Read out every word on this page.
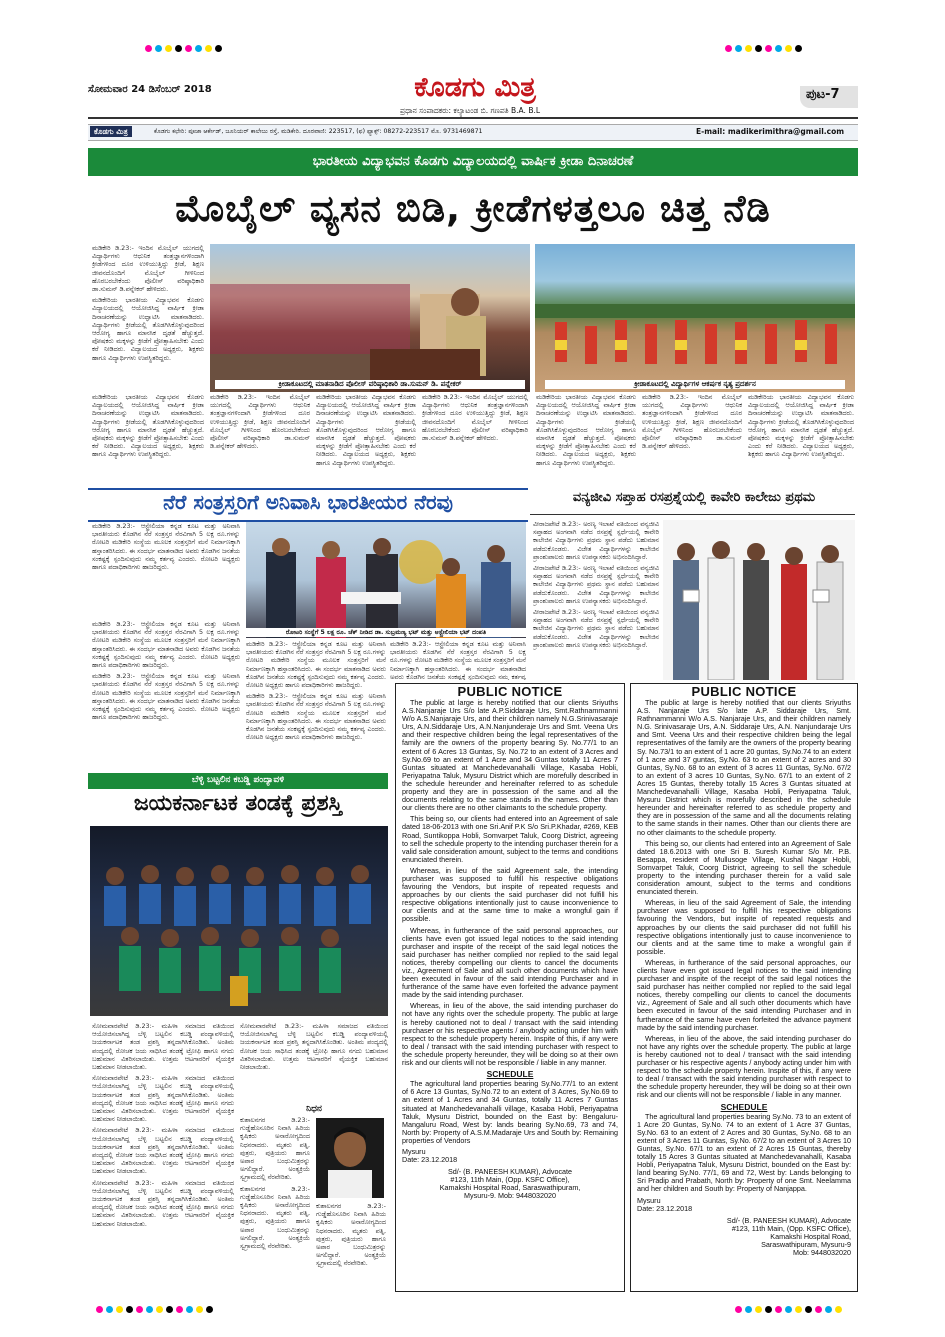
ಸೋಮವಾರ 24 ಡಿಸೆಂಬರ್ 2018	ಕೊಡಗು ಮಿತ್ರ
ಪ್ರಧಾನ ಸಂಪಾದಕರು: ಕಲ್ಯಾಟಂಡ ಬಿ. ಗಣಪತಿ B.A. B.L
ಪುಟ-7
ಕೊಡಗು ಮಿತ್ರ	ಕೊಡಗು ಕಛೇರಿ: ಪೂಜಾ ಆರ್ಕೇಡ್, ಜೂನಿಯರ್ ಕಾಲೇಜು ರಸ್ತೆ, ಮಡಿಕೇರಿ. ದೂರವಾಣಿ: 223517, (ಫ) ಫ್ಯಾಕ್ಸ್: 08272-223517 ಮೊ. 9731469871	E-mail: madikerimithra@gmail.com
ಭಾರತೀಯ ವಿದ್ಯಾಭವನ ಕೊಡಗು ವಿದ್ಯಾಲಯದಲ್ಲಿ ವಾರ್ಷಿಕ ಕ್ರೀಡಾ ದಿನಾಚರಣೆ
ಮೊಬೈಲ್ ವ್ಯಸನ ಬಿಡಿ, ಕ್ರೀಡೆಗಳತ್ತಲೂ ಚಿತ್ತ ನೆಡಿ

ಮಡಿಕೇರಿ ಡಿ.23:- ಇಂದಿನ ಮೊಬೈಲ್ ಯುಗದಲ್ಲಿ ವಿದ್ಯಾರ್ಥಿಗಳು ಆಧುನಿಕ ತಂತ್ರಜ್ಞಾನಗಳಿಂದಾಗಿ ಕ್ರೀಡೆಗಳಿಂದ ದೂರ ಉಳಿಯುತ್ತಿದ್ದು ಕ್ರೀಡೆ, ಶಿಕ್ಷಣ ಜೀವನದೊಂದಿಗೆ ಮೊಬೈಲ್ ಗೀಳಿನಿಂದ ಹೊರಬರಬೇಕೆಂದು ಪೊಲೀಸ್ ವರಿಷ್ಠಾಧಿಕಾರಿ ಡಾ.ಸುಮನ್ ಡಿ.ಪನ್ನೇಕರ್ ಹೇಳಿದರು.

ಮಡಿಕೇರಿಯ ಭಾರತೀಯ ವಿದ್ಯಾಭವನ ಕೊಡಗು ವಿದ್ಯಾಲಯದಲ್ಲಿ ಆಯೋಜಿಸಿದ್ದ ವಾರ್ಷಿಕ ಕ್ರೀಡಾ ದಿನಾಚರಣೆಯನ್ನು ಉದ್ಘಾಟಿಸಿ ಮಾತನಾಡಿದರು. ವಿದ್ಯಾರ್ಥಿಗಳು ಕ್ರೀಡೆಯಲ್ಲಿ ತೊಡಗಿಸಿಕೊಳ್ಳುವುದರಿಂದ ಆರೋಗ್ಯ ಹಾಗೂ ಮಾನಸಿಕ ದೃಢತೆ ಹೆಚ್ಚುತ್ತದೆ. ಪೋಷಕರು ಮಕ್ಕಳನ್ನು ಕ್ರೀಡೆಗೆ ಪ್ರೋತ್ಸಾಹಿಸಬೇಕು ಎಂದು ಕರೆ ನೀಡಿದರು. ವಿದ್ಯಾಲಯದ ಅಧ್ಯಕ್ಷರು, ಶಿಕ್ಷಕರು ಹಾಗೂ ವಿದ್ಯಾರ್ಥಿಗಳು ಉಪಸ್ಥಿತರಿದ್ದರು.

ಕ್ರೀಡಾಕೂಟದಲ್ಲಿ ಮಾತನಾಡಿದ ಪೊಲೀಸ್ ವರಿಷ್ಠಾಧಿಕಾರಿ ಡಾ.ಸುಮನ್ ಡಿ. ಪನ್ನೇಕರ್	ಕ್ರೀಡಾಕೂಟದಲ್ಲಿ ವಿದ್ಯಾರ್ಥಿಗಳ ಆಕರ್ಷಕ ನೃತ್ಯ ಪ್ರದರ್ಶನ

ಮಡಿಕೇರಿಯ ಭಾರತೀಯ ವಿದ್ಯಾಭವನ ಕೊಡಗು ವಿದ್ಯಾಲಯದಲ್ಲಿ ಆಯೋಜಿಸಿದ್ದ ವಾರ್ಷಿಕ ಕ್ರೀಡಾ ದಿನಾಚರಣೆಯನ್ನು ಉದ್ಘಾಟಿಸಿ ಮಾತನಾಡಿದರು. ವಿದ್ಯಾರ್ಥಿಗಳು ಕ್ರೀಡೆಯಲ್ಲಿ ತೊಡಗಿಸಿಕೊಳ್ಳುವುದರಿಂದ ಆರೋಗ್ಯ ಹಾಗೂ ಮಾನಸಿಕ ದೃಢತೆ ಹೆಚ್ಚುತ್ತದೆ. ಪೋಷಕರು ಮಕ್ಕಳನ್ನು ಕ್ರೀಡೆಗೆ ಪ್ರೋತ್ಸಾಹಿಸಬೇಕು ಎಂದು ಕರೆ ನೀಡಿದರು. ವಿದ್ಯಾಲಯದ ಅಧ್ಯಕ್ಷರು, ಶಿಕ್ಷಕರು ಹಾಗೂ ವಿದ್ಯಾರ್ಥಿಗಳು ಉಪಸ್ಥಿತರಿದ್ದರು.

ಮಡಿಕೇರಿ ಡಿ.23:- ಇಂದಿನ ಮೊಬೈಲ್ ಯುಗದಲ್ಲಿ ವಿದ್ಯಾರ್ಥಿಗಳು ಆಧುನಿಕ ತಂತ್ರಜ್ಞಾನಗಳಿಂದಾಗಿ ಕ್ರೀಡೆಗಳಿಂದ ದೂರ ಉಳಿಯುತ್ತಿದ್ದು ಕ್ರೀಡೆ, ಶಿಕ್ಷಣ ಜೀವನದೊಂದಿಗೆ ಮೊಬೈಲ್ ಗೀಳಿನಿಂದ ಹೊರಬರಬೇಕೆಂದು ಪೊಲೀಸ್ ವರಿಷ್ಠಾಧಿಕಾರಿ ಡಾ.ಸುಮನ್ ಡಿ.ಪನ್ನೇಕರ್ ಹೇಳಿದರು.

ಮಡಿಕೇರಿಯ ಭಾರತೀಯ ವಿದ್ಯಾಭವನ ಕೊಡಗು ವಿದ್ಯಾಲಯದಲ್ಲಿ ಆಯೋಜಿಸಿದ್ದ ವಾರ್ಷಿಕ ಕ್ರೀಡಾ ದಿನಾಚರಣೆಯನ್ನು ಉದ್ಘಾಟಿಸಿ ಮಾತನಾಡಿದರು. ವಿದ್ಯಾರ್ಥಿಗಳು ಕ್ರೀಡೆಯಲ್ಲಿ ತೊಡಗಿಸಿಕೊಳ್ಳುವುದರಿಂದ ಆರೋಗ್ಯ ಹಾಗೂ ಮಾನಸಿಕ ದೃಢತೆ ಹೆಚ್ಚುತ್ತದೆ. ಪೋಷಕರು ಮಕ್ಕಳನ್ನು ಕ್ರೀಡೆಗೆ ಪ್ರೋತ್ಸಾಹಿಸಬೇಕು ಎಂದು ಕರೆ ನೀಡಿದರು. ವಿದ್ಯಾಲಯದ ಅಧ್ಯಕ್ಷರು, ಶಿಕ್ಷಕರು ಹಾಗೂ ವಿದ್ಯಾರ್ಥಿಗಳು ಉಪಸ್ಥಿತರಿದ್ದರು.

ಮಡಿಕೇರಿ ಡಿ.23:- ಇಂದಿನ ಮೊಬೈಲ್ ಯುಗದಲ್ಲಿ ವಿದ್ಯಾರ್ಥಿಗಳು ಆಧುನಿಕ ತಂತ್ರಜ್ಞಾನಗಳಿಂದಾಗಿ ಕ್ರೀಡೆಗಳಿಂದ ದೂರ ಉಳಿಯುತ್ತಿದ್ದು ಕ್ರೀಡೆ, ಶಿಕ್ಷಣ ಜೀವನದೊಂದಿಗೆ ಮೊಬೈಲ್ ಗೀಳಿನಿಂದ ಹೊರಬರಬೇಕೆಂದು ಪೊಲೀಸ್ ವರಿಷ್ಠಾಧಿಕಾರಿ ಡಾ.ಸುಮನ್ ಡಿ.ಪನ್ನೇಕರ್ ಹೇಳಿದರು.

ಮಡಿಕೇರಿಯ ಭಾರತೀಯ ವಿದ್ಯಾಭವನ ಕೊಡಗು ವಿದ್ಯಾಲಯದಲ್ಲಿ ಆಯೋಜಿಸಿದ್ದ ವಾರ್ಷಿಕ ಕ್ರೀಡಾ ದಿನಾಚರಣೆಯನ್ನು ಉದ್ಘಾಟಿಸಿ ಮಾತನಾಡಿದರು. ವಿದ್ಯಾರ್ಥಿಗಳು ಕ್ರೀಡೆಯಲ್ಲಿ ತೊಡಗಿಸಿಕೊಳ್ಳುವುದರಿಂದ ಆರೋಗ್ಯ ಹಾಗೂ ಮಾನಸಿಕ ದೃಢತೆ ಹೆಚ್ಚುತ್ತದೆ. ಪೋಷಕರು ಮಕ್ಕಳನ್ನು ಕ್ರೀಡೆಗೆ ಪ್ರೋತ್ಸಾಹಿಸಬೇಕು ಎಂದು ಕರೆ ನೀಡಿದರು. ವಿದ್ಯಾಲಯದ ಅಧ್ಯಕ್ಷರು, ಶಿಕ್ಷಕರು ಹಾಗೂ ವಿದ್ಯಾರ್ಥಿಗಳು ಉಪಸ್ಥಿತರಿದ್ದರು.

ಮಡಿಕೇರಿ ಡಿ.23:- ಇಂದಿನ ಮೊಬೈಲ್ ಯುಗದಲ್ಲಿ ವಿದ್ಯಾರ್ಥಿಗಳು ಆಧುನಿಕ ತಂತ್ರಜ್ಞಾನಗಳಿಂದಾಗಿ ಕ್ರೀಡೆಗಳಿಂದ ದೂರ ಉಳಿಯುತ್ತಿದ್ದು ಕ್ರೀಡೆ, ಶಿಕ್ಷಣ ಜೀವನದೊಂದಿಗೆ ಮೊಬೈಲ್ ಗೀಳಿನಿಂದ ಹೊರಬರಬೇಕೆಂದು ಪೊಲೀಸ್ ವರಿಷ್ಠಾಧಿಕಾರಿ ಡಾ.ಸುಮನ್ ಡಿ.ಪನ್ನೇಕರ್ ಹೇಳಿದರು.

ಮಡಿಕೇರಿಯ ಭಾರತೀಯ ವಿದ್ಯಾಭವನ ಕೊಡಗು ವಿದ್ಯಾಲಯದಲ್ಲಿ ಆಯೋಜಿಸಿದ್ದ ವಾರ್ಷಿಕ ಕ್ರೀಡಾ ದಿನಾಚರಣೆಯನ್ನು ಉದ್ಘಾಟಿಸಿ ಮಾತನಾಡಿದರು. ವಿದ್ಯಾರ್ಥಿಗಳು ಕ್ರೀಡೆಯಲ್ಲಿ ತೊಡಗಿಸಿಕೊಳ್ಳುವುದರಿಂದ ಆರೋಗ್ಯ ಹಾಗೂ ಮಾನಸಿಕ ದೃಢತೆ ಹೆಚ್ಚುತ್ತದೆ. ಪೋಷಕರು ಮಕ್ಕಳನ್ನು ಕ್ರೀಡೆಗೆ ಪ್ರೋತ್ಸಾಹಿಸಬೇಕು ಎಂದು ಕರೆ ನೀಡಿದರು. ವಿದ್ಯಾಲಯದ ಅಧ್ಯಕ್ಷರು, ಶಿಕ್ಷಕರು ಹಾಗೂ ವಿದ್ಯಾರ್ಥಿಗಳು ಉಪಸ್ಥಿತರಿದ್ದರು.

ನೆರೆ ಸಂತ್ರಸ್ತರಿಗೆ ಅನಿವಾಸಿ ಭಾರತೀಯರ ನೆರವು

ಮಡಿಕೇರಿ ಡಿ.23:- ಆಸ್ಟ್ರೇಲಿಯಾ ಕನ್ನಡ ಕೂಟ ಮತ್ತು ಅನಿವಾಸಿ ಭಾರತೀಯರು ಕೊಡಗಿನ ನೆರೆ ಸಂತ್ರಸ್ತರ ನೆರವಿಗಾಗಿ 5 ಲಕ್ಷ ರೂ.ಗಳನ್ನು ರೋಟರಿ ಮಡಿಕೇರಿ ಸಂಸ್ಥೆಯ ಮೂಲಕ ಸಂತ್ರಸ್ತರಿಗೆ ಮನೆ ನಿರ್ಮಾಣಕ್ಕಾಗಿ ಹಸ್ತಾಂತರಿಸಿದರು. ಈ ಸಂದರ್ಭ ಮಾತನಾಡಿದ ಅವರು ಕೊಡಗಿನ ಜನತೆಯ ಸಂಕಷ್ಟಕ್ಕೆ ಸ್ಪಂದಿಸುವುದು ನಮ್ಮ ಕರ್ತವ್ಯ ಎಂದರು. ರೋಟರಿ ಅಧ್ಯಕ್ಷರು ಹಾಗೂ ಪದಾಧಿಕಾರಿಗಳು ಹಾಜರಿದ್ದರು.

ರೋಟರಿ ಸಂಸ್ಥೆಗೆ 5 ಲಕ್ಷ ರೂ. ಚೆಕ್ ನೀಡಿದ ಡಾ. ಸುಬ್ರಮಣ್ಯ ಭಟ್ ಮತ್ತು ಆಸ್ಟ್ರೇಲಿಯಾ ಭಟ್ ದಂಪತಿ

ಮಡಿಕೇರಿ ಡಿ.23:- ಆಸ್ಟ್ರೇಲಿಯಾ ಕನ್ನಡ ಕೂಟ ಮತ್ತು ಅನಿವಾಸಿ ಭಾರತೀಯರು ಕೊಡಗಿನ ನೆರೆ ಸಂತ್ರಸ್ತರ ನೆರವಿಗಾಗಿ 5 ಲಕ್ಷ ರೂ.ಗಳನ್ನು ರೋಟರಿ ಮಡಿಕೇರಿ ಸಂಸ್ಥೆಯ ಮೂಲಕ ಸಂತ್ರಸ್ತರಿಗೆ ಮನೆ ನಿರ್ಮಾಣಕ್ಕಾಗಿ ಹಸ್ತಾಂತರಿಸಿದರು. ಈ ಸಂದರ್ಭ ಮಾತನಾಡಿದ ಅವರು ಕೊಡಗಿನ ಜನತೆಯ ಸಂಕಷ್ಟಕ್ಕೆ ಸ್ಪಂದಿಸುವುದು ನಮ್ಮ ಕರ್ತವ್ಯ ಎಂದರು. ರೋಟರಿ ಅಧ್ಯಕ್ಷರು ಹಾಗೂ ಪದಾಧಿಕಾರಿಗಳು ಹಾಜರಿದ್ದರು.

ಮಡಿಕೇರಿ ಡಿ.23:- ಆಸ್ಟ್ರೇಲಿಯಾ ಕನ್ನಡ ಕೂಟ ಮತ್ತು ಅನಿವಾಸಿ ಭಾರತೀಯರು ಕೊಡಗಿನ ನೆರೆ ಸಂತ್ರಸ್ತರ ನೆರವಿಗಾಗಿ 5 ಲಕ್ಷ ರೂ.ಗಳನ್ನು ರೋಟರಿ ಮಡಿಕೇರಿ ಸಂಸ್ಥೆಯ ಮೂಲಕ ಸಂತ್ರಸ್ತರಿಗೆ ಮನೆ ನಿರ್ಮಾಣಕ್ಕಾಗಿ ಹಸ್ತಾಂತರಿಸಿದರು. ಈ ಸಂದರ್ಭ ಮಾತನಾಡಿದ ಅವರು ಕೊಡಗಿನ ಜನತೆಯ ಸಂಕಷ್ಟಕ್ಕೆ ಸ್ಪಂದಿಸುವುದು ನಮ್ಮ ಕರ್ತವ್ಯ ಎಂದರು. ರೋಟರಿ ಅಧ್ಯಕ್ಷರು ಹಾಗೂ ಪದಾಧಿಕಾರಿಗಳು ಹಾಜರಿದ್ದರು.

ಮಡಿಕೇರಿ ಡಿ.23:- ಆಸ್ಟ್ರೇಲಿಯಾ ಕನ್ನಡ ಕೂಟ ಮತ್ತು ಅನಿವಾಸಿ ಭಾರತೀಯರು ಕೊಡಗಿನ ನೆರೆ ಸಂತ್ರಸ್ತರ ನೆರವಿಗಾಗಿ 5 ಲಕ್ಷ ರೂ.ಗಳನ್ನು ರೋಟರಿ ಮಡಿಕೇರಿ ಸಂಸ್ಥೆಯ ಮೂಲಕ ಸಂತ್ರಸ್ತರಿಗೆ ಮನೆ ನಿರ್ಮಾಣಕ್ಕಾಗಿ ಹಸ್ತಾಂತರಿಸಿದರು. ಈ ಸಂದರ್ಭ ಮಾತನಾಡಿದ ಅವರು ಕೊಡಗಿನ ಜನತೆಯ ಸಂಕಷ್ಟಕ್ಕೆ ಸ್ಪಂದಿಸುವುದು ನಮ್ಮ ಕರ್ತವ್ಯ ಎಂದರು. ರೋಟರಿ ಅಧ್ಯಕ್ಷರು ಹಾಗೂ ಪದಾಧಿಕಾರಿಗಳು ಹಾಜರಿದ್ದರು.

ಮಡಿಕೇರಿ ಡಿ.23:- ಆಸ್ಟ್ರೇಲಿಯಾ ಕನ್ನಡ ಕೂಟ ಮತ್ತು ಅನಿವಾಸಿ ಭಾರತೀಯರು ಕೊಡಗಿನ ನೆರೆ ಸಂತ್ರಸ್ತರ ನೆರವಿಗಾಗಿ 5 ಲಕ್ಷ ರೂ.ಗಳನ್ನು ರೋಟರಿ ಮಡಿಕೇರಿ ಸಂಸ್ಥೆಯ ಮೂಲಕ ಸಂತ್ರಸ್ತರಿಗೆ ಮನೆ ನಿರ್ಮಾಣಕ್ಕಾಗಿ ಹಸ್ತಾಂತರಿಸಿದರು. ಈ ಸಂದರ್ಭ ಮಾತನಾಡಿದ ಅವರು ಕೊಡಗಿನ ಜನತೆಯ ಸಂಕಷ್ಟಕ್ಕೆ ಸ್ಪಂದಿಸುವುದು ನಮ್ಮ ಕರ್ತವ್ಯ ಎಂದರು. ರೋಟರಿ ಅಧ್ಯಕ್ಷರು ಹಾಗೂ ಪದಾಧಿಕಾರಿಗಳು ಹಾಜರಿದ್ದರು.

ಮಡಿಕೇರಿ ಡಿ.23:- ಆಸ್ಟ್ರೇಲಿಯಾ ಕನ್ನಡ ಕೂಟ ಮತ್ತು ಅನಿವಾಸಿ ಭಾರತೀಯರು ಕೊಡಗಿನ ನೆರೆ ಸಂತ್ರಸ್ತರ ನೆರವಿಗಾಗಿ 5 ಲಕ್ಷ ರೂ.ಗಳನ್ನು ರೋಟರಿ ಮಡಿಕೇರಿ ಸಂಸ್ಥೆಯ ಮೂಲಕ ಸಂತ್ರಸ್ತರಿಗೆ ಮನೆ ನಿರ್ಮಾಣಕ್ಕಾಗಿ ಹಸ್ತಾಂತರಿಸಿದರು. ಈ ಸಂದರ್ಭ ಮಾತನಾಡಿದ ಅವರು ಕೊಡಗಿನ ಜನತೆಯ ಸಂಕಷ್ಟಕ್ಕೆ ಸ್ಪಂದಿಸುವುದು ನಮ್ಮ ಕರ್ತವ್ಯ

ವನ್ಯಜೀವಿ ಸಪ್ತಾಹ ರಸಪ್ರಶ್ನೆಯಲ್ಲಿ ಕಾವೇರಿ ಕಾಲೇಜು ಪ್ರಥಮ

ವೀರಾಜಪೇಟೆ ಡಿ.23:- ಅರಣ್ಯ ಇಲಾಖೆ ವತಿಯಿಂದ ವನ್ಯಜೀವಿ ಸಪ್ತಾಹದ ಅಂಗವಾಗಿ ನಡೆದ ರಸಪ್ರಶ್ನೆ ಸ್ಪರ್ಧೆಯಲ್ಲಿ ಕಾವೇರಿ ಕಾಲೇಜಿನ ವಿದ್ಯಾರ್ಥಿಗಳು ಪ್ರಥಮ ಸ್ಥಾನ ಪಡೆದು ಬಹುಮಾನ ಪಡೆದುಕೊಂಡರು. ವಿಜೇತ ವಿದ್ಯಾರ್ಥಿಗಳನ್ನು ಕಾಲೇಜಿನ ಪ್ರಾಂಶುಪಾಲರು ಹಾಗೂ ಉಪನ್ಯಾಸಕರು ಅಭಿನಂದಿಸಿದ್ದಾರೆ.

ವೀರಾಜಪೇಟೆ ಡಿ.23:- ಅರಣ್ಯ ಇಲಾಖೆ ವತಿಯಿಂದ ವನ್ಯಜೀವಿ ಸಪ್ತಾಹದ ಅಂಗವಾಗಿ ನಡೆದ ರಸಪ್ರಶ್ನೆ ಸ್ಪರ್ಧೆಯಲ್ಲಿ ಕಾವೇರಿ ಕಾಲೇಜಿನ ವಿದ್ಯಾರ್ಥಿಗಳು ಪ್ರಥಮ ಸ್ಥಾನ ಪಡೆದು ಬಹುಮಾನ ಪಡೆದುಕೊಂಡರು. ವಿಜೇತ ವಿದ್ಯಾರ್ಥಿಗಳನ್ನು ಕಾಲೇಜಿನ ಪ್ರಾಂಶುಪಾಲರು ಹಾಗೂ ಉಪನ್ಯಾಸಕರು ಅಭಿನಂದಿಸಿದ್ದಾರೆ.

ವೀರಾಜಪೇಟೆ ಡಿ.23:- ಅರಣ್ಯ ಇಲಾಖೆ ವತಿಯಿಂದ ವನ್ಯಜೀವಿ ಸಪ್ತಾಹದ ಅಂಗವಾಗಿ ನಡೆದ ರಸಪ್ರಶ್ನೆ ಸ್ಪರ್ಧೆಯಲ್ಲಿ ಕಾವೇರಿ ಕಾಲೇಜಿನ ವಿದ್ಯಾರ್ಥಿಗಳು ಪ್ರಥಮ ಸ್ಥಾನ ಪಡೆದು ಬಹುಮಾನ ಪಡೆದುಕೊಂಡರು. ವಿಜೇತ ವಿದ್ಯಾರ್ಥಿಗಳನ್ನು ಕಾಲೇಜಿನ ಪ್ರಾಂಶುಪಾಲರು ಹಾಗೂ ಉಪನ್ಯಾಸಕರು ಅಭಿನಂದಿಸಿದ್ದಾರೆ.

ಬೆಳ್ಳಿ ಬಟ್ಟಲಿನ ಕಬಡ್ಡಿ ಪಂದ್ಯಾವಳಿ
ಜಯಕರ್ನಾಟಕ ತಂಡಕ್ಕೆ ಪ್ರಶಸ್ತಿ

ಸೋಮವಾರಪೇಟೆ ಡಿ.23:- ಮಹಿಳಾ ಸಮಾಜದ ವತಿಯಿಂದ ಆಯೋಜಿಸಲಾಗಿದ್ದ ಬೆಳ್ಳಿ ಬಟ್ಟಲಿನ ಕಬಡ್ಡಿ ಪಂದ್ಯಾವಳಿಯಲ್ಲಿ ಜಯಕರ್ನಾಟಕ ತಂಡ ಪ್ರಶಸ್ತಿ ತನ್ನದಾಗಿಸಿಕೊಂಡಿತು. ಅಂತಿಮ ಪಂದ್ಯದಲ್ಲಿ ರೋಚಕ ಜಯ ಸಾಧಿಸಿದ ತಂಡಕ್ಕೆ ಟ್ರೋಫಿ ಹಾಗೂ ನಗದು ಬಹುಮಾನ ವಿತರಿಸಲಾಯಿತು. ಉತ್ತಮ ಆಟಗಾರರಿಗೆ ವೈಯಕ್ತಿಕ ಬಹುಮಾನ ನೀಡಲಾಯಿತು.

ಸೋಮವಾರಪೇಟೆ ಡಿ.23:- ಮಹಿಳಾ ಸಮಾಜದ ವತಿಯಿಂದ ಆಯೋಜಿಸಲಾಗಿದ್ದ ಬೆಳ್ಳಿ ಬಟ್ಟಲಿನ ಕಬಡ್ಡಿ ಪಂದ್ಯಾವಳಿಯಲ್ಲಿ ಜಯಕರ್ನಾಟಕ ತಂಡ ಪ್ರಶಸ್ತಿ ತನ್ನದಾಗಿಸಿಕೊಂಡಿತು. ಅಂತಿಮ ಪಂದ್ಯದಲ್ಲಿ ರೋಚಕ ಜಯ ಸಾಧಿಸಿದ ತಂಡಕ್ಕೆ ಟ್ರೋಫಿ ಹಾಗೂ ನಗದು ಬಹುಮಾನ ವಿತರಿಸಲಾಯಿತು. ಉತ್ತಮ ಆಟಗಾರರಿಗೆ ವೈಯಕ್ತಿಕ ಬಹುಮಾನ ನೀಡಲಾಯಿತು.

ಸೋಮವಾರಪೇಟೆ ಡಿ.23:- ಮಹಿಳಾ ಸಮಾಜದ ವತಿಯಿಂದ ಆಯೋಜಿಸಲಾಗಿದ್ದ ಬೆಳ್ಳಿ ಬಟ್ಟಲಿನ ಕಬಡ್ಡಿ ಪಂದ್ಯಾವಳಿಯಲ್ಲಿ ಜಯಕರ್ನಾಟಕ ತಂಡ ಪ್ರಶಸ್ತಿ ತನ್ನದಾಗಿಸಿಕೊಂಡಿತು. ಅಂತಿಮ ಪಂದ್ಯದಲ್ಲಿ ರೋಚಕ ಜಯ ಸಾಧಿಸಿದ ತಂಡಕ್ಕೆ ಟ್ರೋಫಿ ಹಾಗೂ ನಗದು ಬಹುಮಾನ ವಿತರಿಸಲಾಯಿತು. ಉತ್ತಮ ಆಟಗಾರರಿಗೆ ವೈಯಕ್ತಿಕ ಬಹುಮಾನ ನೀಡಲಾಯಿತು.

ಸೋಮವಾರಪೇಟೆ ಡಿ.23:- ಮಹಿಳಾ ಸಮಾಜದ ವತಿಯಿಂದ ಆಯೋಜಿಸಲಾಗಿದ್ದ ಬೆಳ್ಳಿ ಬಟ್ಟಲಿನ ಕಬಡ್ಡಿ ಪಂದ್ಯಾವಳಿಯಲ್ಲಿ ಜಯಕರ್ನಾಟಕ ತಂಡ ಪ್ರಶಸ್ತಿ ತನ್ನದಾಗಿಸಿಕೊಂಡಿತು. ಅಂತಿಮ ಪಂದ್ಯದಲ್ಲಿ ರೋಚಕ ಜಯ ಸಾಧಿಸಿದ ತಂಡಕ್ಕೆ ಟ್ರೋಫಿ ಹಾಗೂ ನಗದು ಬಹುಮಾನ ವಿತರಿಸಲಾಯಿತು. ಉತ್ತಮ ಆಟಗಾರರಿಗೆ ವೈಯಕ್ತಿಕ ಬಹುಮಾನ ನೀಡಲಾಯಿತು.

ಸೋಮವಾರಪೇಟೆ ಡಿ.23:- ಮಹಿಳಾ ಸಮಾಜದ ವತಿಯಿಂದ ಆಯೋಜಿಸಲಾಗಿದ್ದ ಬೆಳ್ಳಿ ಬಟ್ಟಲಿನ ಕಬಡ್ಡಿ ಪಂದ್ಯಾವಳಿಯಲ್ಲಿ ಜಯಕರ್ನಾಟಕ ತಂಡ ಪ್ರಶಸ್ತಿ ತನ್ನದಾಗಿಸಿಕೊಂಡಿತು. ಅಂತಿಮ ಪಂದ್ಯದಲ್ಲಿ ರೋಚಕ ಜಯ ಸಾಧಿಸಿದ ತಂಡಕ್ಕೆ ಟ್ರೋಫಿ ಹಾಗೂ ನಗದು ಬಹುಮಾನ ವಿತರಿಸಲಾಯಿತು. ಉತ್ತಮ ಆಟಗಾರರಿಗೆ ವೈಯಕ್ತಿಕ ಬಹುಮಾನ ನೀಡಲಾಯಿತು.

ನಿಧನ

ಕುಶಾಲನಗರ ಡಿ.23:- ಗುಡ್ಡೆಹೊಸೂರಿನ ನಿವಾಸಿ ಹಿರಿಯ ಕೃಷಿಕರು ಅನಾರೋಗ್ಯದಿಂದ ನಿಧನರಾದರು. ಮೃತರು ಪತ್ನಿ, ಪುತ್ರರು, ಪುತ್ರಿಯರು ಹಾಗೂ ಅಪಾರ ಬಂಧುಮಿತ್ರರನ್ನು ಅಗಲಿದ್ದಾರೆ. ಅಂತ್ಯಕ್ರಿಯೆ ಸ್ವಗ್ರಾಮದಲ್ಲಿ ನೆರವೇರಿತು.

ಕುಶಾಲನಗರ ಡಿ.23:- ಗುಡ್ಡೆಹೊಸೂರಿನ ನಿವಾಸಿ ಹಿರಿಯ ಕೃಷಿಕರು ಅನಾರೋಗ್ಯದಿಂದ ನಿಧನರಾದರು. ಮೃತರು ಪತ್ನಿ, ಪುತ್ರರು, ಪುತ್ರಿಯರು ಹಾಗೂ ಅಪಾರ ಬಂಧುಮಿತ್ರರನ್ನು ಅಗಲಿದ್ದಾರೆ. ಅಂತ್ಯಕ್ರಿಯೆ ಸ್ವಗ್ರಾಮದಲ್ಲಿ ನೆರವೇರಿತು.

ಕುಶಾಲನಗರ ಡಿ.23:- ಗುಡ್ಡೆಹೊಸೂರಿನ ನಿವಾಸಿ ಹಿರಿಯ ಕೃಷಿಕರು ಅನಾರೋಗ್ಯದಿಂದ ನಿಧನರಾದರು. ಮೃತರು ಪತ್ನಿ, ಪುತ್ರರು, ಪುತ್ರಿಯರು ಹಾಗೂ ಅಪಾರ ಬಂಧುಮಿತ್ರರನ್ನು ಅಗಲಿದ್ದಾರೆ. ಅಂತ್ಯಕ್ರಿಯೆ ಸ್ವಗ್ರಾಮದಲ್ಲಿ ನೆರವೇರಿತು.

PUBLIC NOTICE

The public at large is hereby notified that our clients Sriyuths A.S.Nanjaraje Urs S/o late A.P.Siddaraje Urs, Smt.Rathnammanni W/o A.S.Nanjaraje Urs, and their children namely N.G.Srinivasaraje Urs, A.N.Siddaraje Urs, A.N.Nanjunderaje Urs and Smt. Veena Urs and their respective children being the legal representatives of the family are the owners of the property bearing Sy. No.77/1 to an extent of 6 Acres 13 Guntas, Sy. No.72 to an extent of 3 Acres and Sy.No.69 to an extent of 1 Acre and 34 Guntas totally 11 Acres 7 Guntas situated at Manchedevanahalli Village, Kasaba Hobli, Periyapatna Taluk, Mysuru District which are morefully described in the schedule hereunder and hereinafter referred to as schedule property and they are in possession of the same and all the documents relating to the same stands in the names. Other than our clients there are no other claimants to the schedule property.

This being so, our clients had entered into an Agreement of sale dated 18-06-2013 with one Sri.Anif P.K S/o Sri.P.Khadar, #269, KEB Road, Suntikoppa Hobli, Somvarpet Taluk, Coorg District, agreeing to sell the schedule property to the intending purchaser therein for a valid sale consideration amount, subject to the terms and conditions enunciated therein.

Whereas, in lieu of the said Agreement sale, the intending purchaser was supposed to fulfill his respective obligations favouring the Vendors, but inspite of repeated requests and approaches by our clients the said purchaser did not fulfill his respective obligations intentionally just to cause inconvenience to our clients and at the same time to make a wrongful gain if possible.

Whereas, in furtherance of the said personal approaches, our clients have even got issued legal notices to the said intending purchaser and inspite of the receipt of the said legal notices the said purchaser has neither complied nor replied to the said legal notices, thereby compelling our clients to cancel the documents viz., Agreement of Sale and all such other documents which have been executed in favour of the said intending Purchaser and in furtherance of the same have even forfeited the advance payment made by the said intending purchaser.

Whereas, in lieu of the above, the said intending purchaser do not have any rights over the schedule property. The public at large is hereby cautioned not to deal / transact with the said intending purchaser or his respective agents / anybody acting under him with respect to the schedule property herein. Inspite of this, if any were to deal / transact with the said intending purchaser with respect to the schedule property hereunder, they will be doing so at their own risk and our clients will not be responsible / liable in any manner.

SCHEDULE

The agricultural land properties bearing Sy.No.77/1 to an extent of 6 Acre 13 Guntas, Sy.No.72 to an extent of 3 Acres, Sy.No.69 to an extent of 1 Acres and 34 Guntas, totally 11 Acres 7 Guntas situated at Manchedevanahalli village, Kasaba Hobli, Periyapatna Taluk, Mysuru District, bounded on the East by: Bengaluru-Mangaluru Road, West by: lands bearing Sy.No.69, 73 and 74, North by: Property of A.S.M.Madaraje Urs and South by: Remaining properties of Vendors

Mysuru
Date: 23.12.2018
Sd/- (B. PANEESH KUMAR), Advocate
#123, 11th Main, (Opp. KSFC Office),
Kamakshi Hospital Road, Saraswathipuram,
Mysuru-9. Mob: 9448032020
PUBLIC NOTICE

The public at large is hereby notified that our clients Sriyuths A.S. Nanjaraje Urs S/o late A.P. Siddaraje Urs, Smt. Rathnammanni W/o A.S. Nanjaraje Urs, and their children namely N.G. Srinivasaraje Urs, A.N. Siddaraje Urs, A.N. Nanjundaraje Urs and Smt. Veena Urs and their respective children being the legal representatives of the family are the owners of the property bearing Sy. No.73/1 to an extent of 1 acre 20 guntas, Sy.No.74 to an extent of 1 acre and 37 guntas, Sy.No. 63 to an extent of 2 acres and 30 Guntas, Sy.No. 68 to an extent of 3 acres 11 Guntas, Sy.No. 67/2 to an extent of 3 acres 10 Guntas, Sy.No. 67/1 to an extent of 2 Acres 15 Guntas, thereby totally 15 Acres 3 Guntas situated at Manchedevanahalli Village, Kasaba Hobli, Periyapatna Taluk, Mysuru District which is morefully described in the schedule hereunder and hereinafter referred to as schedule property and they are in possession of the same and all the documents relating to the same stands in their names. Other than our clients there are no other claimants to the schedule property.

This being so, our clients had entered into an Agreement of Sale dated 18.6.2013 with one Sri B. Suresh Kumar S/o Mr. P.B. Besappa, resident of Mullusoge Village, Kushal Nagar Hobli, Somvarpet Taluk, Coorg District, agreeing to sell the schedule property to the intending purchaser therein for a valid sale consideration amount, subject to the terms and conditions enunciated therein.

Whereas, in lieu of the said Agreement of Sale, the intending purchaser was supposed to fulfill his respective obligations favouring the Vendors, but inspite of repeated requests and approaches by our clients the said purchaser did not fulfill his respective obligations intentionally just to cause inconvenience to our clients and at the same time to make a wrongful gain if possible.

Whereas, in furtherance of the said personal approaches, our clients have even got issued legal notices to the said intending purchaser and inspite of the receipt of the said legal notices the said purchaser has neither complied nor replied to the said legal notices, thereby compelling our clients to cancel the documents viz., Agreement of Sale and all such other documents which have been executed in favour of the said intending Purchaser and in furtherance of the same have even forfeited the advance payment made by the said intending purchaser.

Whereas, in lieu of the above, the said intending purchaser do not have any rights over the schedule property. The public at large is hereby cautioned not to deal / transact with the said intending purchaser or his respective agents / anybody acting under him with respect to the schedule property herein. Inspite of this, if any were to deal / transact with the said intending purchaser with respect to the schedule property hereunder, they will be doing so at their own risk and our clients will not be responsible / liable in any manner.

SCHEDULE

The agricultural land properties bearing Sy.No. 73 to an extent of 1 Acre 20 Guntas, Sy.No. 74 to an extent of 1 Acre 37 Guntas, Sy.No. 63 to an extent of 2 Acres and 30 Guntas, Sy.No. 68 to an extent of 3 Acres 11 Guntas, Sy.No. 67/2 to an extent of 3 Acres 10 Guntas, Sy.No. 67/1 to an extent of 2 Acres 15 Guntas, thereby totally 15 Acres 3 Guntas situated at Manchedevanahalli, Kasaba Hobli, Periyapatna Taluk, Mysuru District, bounded on the East by: land bearing Sy.No. 77/1, 69 and 72, West by: Lands belonging to Sri Pradip and Prabath, North by: Property of one Smt. Neelamma and her children and South by: Property of Nanjappa.

Mysuru
Date: 23.12.2018
Sd/- (B. PANEESH KUMAR), Advocate
#123, 11th Main, (Opp. KSFC Office),
Kamakshi Hospital Road,
Saraswathipuram, Mysuru-9
Mob: 9448032020
